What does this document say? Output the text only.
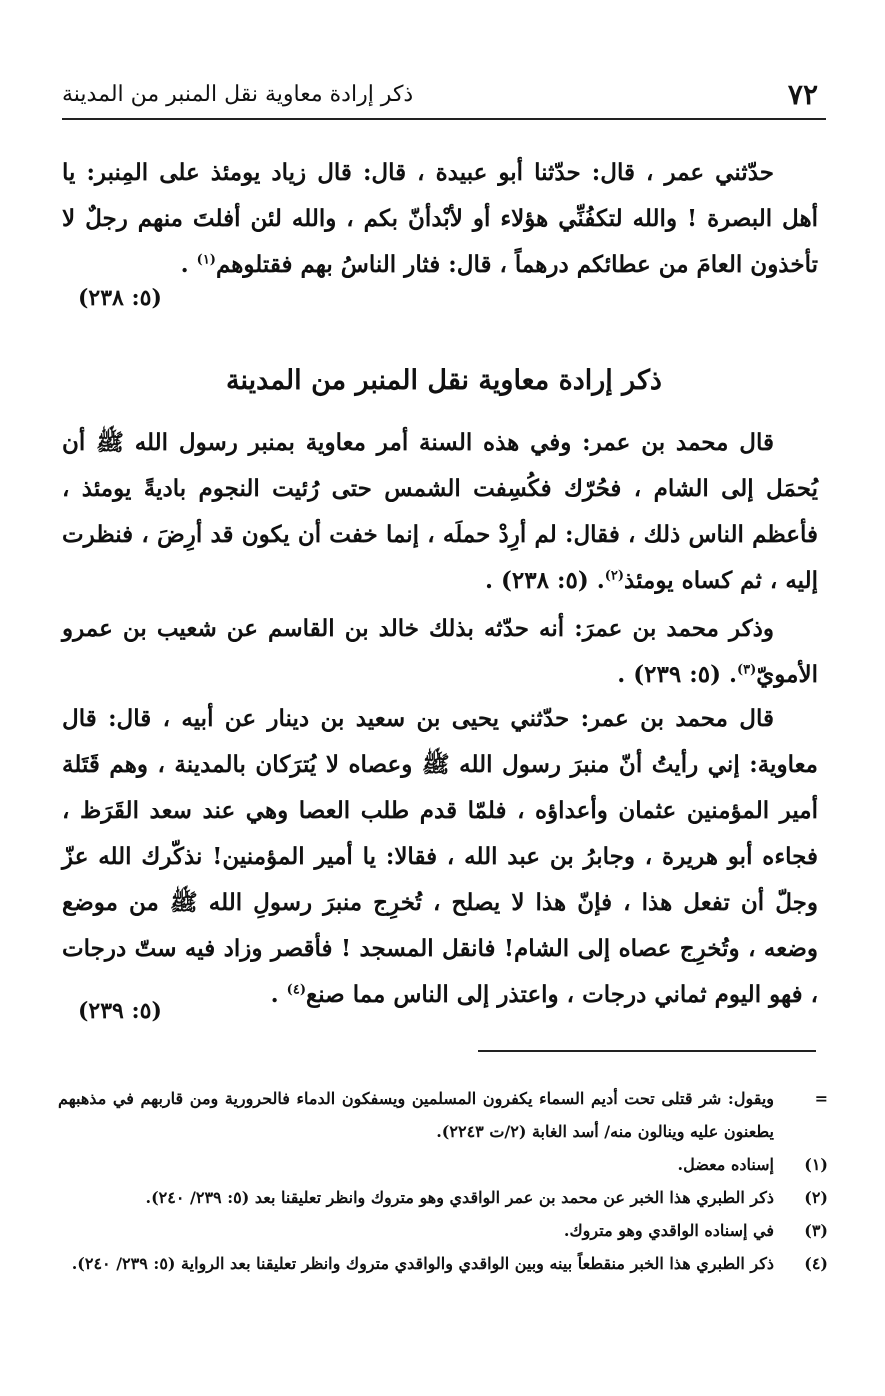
ذكر إرادة معاوية نقل المنبر من المدينة	٧٢

حدّثني عمر ، قال: حدّثنا أبو عبيدة ، قال: قال زياد يومئذ على المِنبر: يا أهل البصرة ! والله لتكفُنِّي هؤلاء أو لأبْدأنّ بكم ، والله لئن أفلتَ منهم رجلٌ لا تأخذون العامَ من عطائكم درهماً ، قال: فثار الناسُ بهم فقتلوهم$^{(١)}$ .

(٥: ٢٣٨)
ذكر إرادة معاوية نقل المنبر من المدينة

قال محمد بن عمر: وفي هذه السنة أمر معاوية بمنبر رسول الله ﷺ أن يُحمَل إلى الشام ، فحُرّك فكُسِفت الشمس حتى رُئيت النجوم باديةً يومئذ ، فأعظم الناس ذلك ، فقال: لم أرِدْ حملَه ، إنما خفت أن يكون قد أرِضَ ، فنظرت إليه ، ثم كساه يومئذ$^{(٢)}$. (٥: ٢٣٨) .

وذكر محمد بن عمرَ: أنه حدّثه بذلك خالد بن القاسم عن شعيب بن عمرو الأمويّ$^{(٣)}$. (٥: ٢٣٩) .

قال محمد بن عمر: حدّثني يحيى بن سعيد بن دينار عن أبيه ، قال: قال معاوية: إني رأيتُ أنّ منبرَ رسول الله ﷺ وعصاه لا يُترَكان بالمدينة ، وهم قَتَلة أمير المؤمنين عثمان وأعداؤه ، فلمّا قدم طلب العصا وهي عند سعد القَرَظ ، فجاءه أبو هريرة ، وجابرُ بن عبد الله ، فقالا: يا أمير المؤمنين! نذكّرك الله عزّ وجلّ أن تفعل هذا ، فإنّ هذا لا يصلح ، تُخرِج منبرَ رسولِ الله ﷺ من موضع وضعه ، وتُخرِج عصاه إلى الشام! فانقل المسجد ! فأقصر وزاد فيه ستّ درجات ، فهو اليوم ثماني درجات ، واعتذر إلى الناس مما صنع$^{(٤)}$ .

(٥: ٢٣٩)
=
ويقول: شر قتلى تحت أديم السماء يكفرون المسلمين ويسفكون الدماء فالحرورية ومن قاربهم في مذهبهم يطعنون عليه وينالون منه/ أسد الغابة (٢/ت ٢٢٤٣).
(١)
إسناده معضل.
(٢)
ذكر الطبري هذا الخبر عن محمد بن عمر الواقدي وهو متروك وانظر تعليقنا بعد (٥: ٢٣٩/ ٢٤٠).
(٣)
في إسناده الواقدي وهو متروك.
(٤)
ذكر الطبري هذا الخبر منقطعاً بينه وبين الواقدي والواقدي متروك وانظر تعليقنا بعد الرواية (٥: ٢٣٩/ ٢٤٠).
